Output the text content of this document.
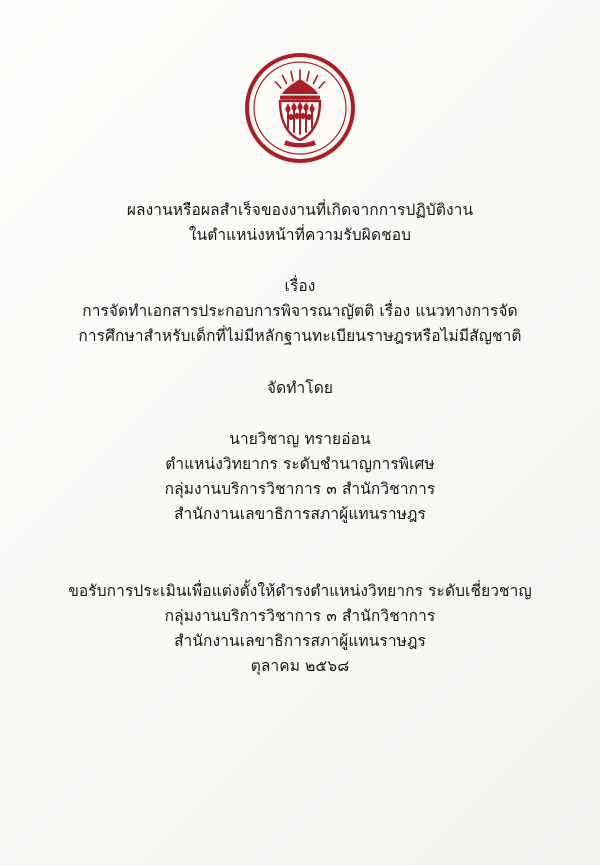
ผลงานหรือผลสำเร็จของงานที่เกิดจากการปฏิบัติงาน
ในตำแหน่งหน้าที่ความรับผิดชอบ
เรื่อง
การจัดทำเอกสารประกอบการพิจารณาญัตติ เรื่อง แนวทางการจัด
การศึกษาสำหรับเด็กที่ไม่มีหลักฐานทะเบียนราษฎรหรือไม่มีสัญชาติ
จัดทำโดย
นายวิชาญ ทรายอ่อน
ตำแหน่งวิทยากร ระดับชำนาญการพิเศษ
กลุ่มงานบริการวิชาการ ๓ สำนักวิชาการ
สำนักงานเลขาธิการสภาผู้แทนราษฎร
ขอรับการประเมินเพื่อแต่งตั้งให้ดำรงตำแหน่งวิทยากร ระดับเชี่ยวชาญ
กลุ่มงานบริการวิชาการ ๓ สำนักวิชาการ
สำนักงานเลขาธิการสภาผู้แทนราษฎร
ตุลาคม ๒๕๖๘
